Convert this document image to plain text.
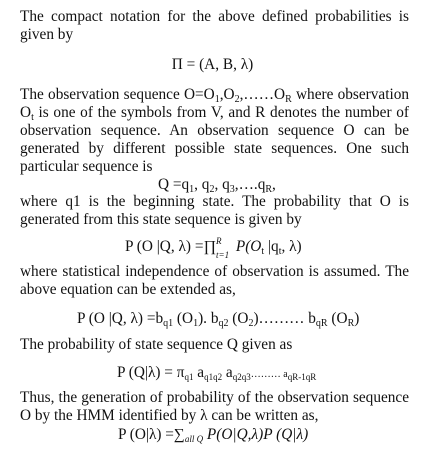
The compact notation for the above defined probabilities is
given by
Π = (A, B, λ)
The observation sequence $O=O_1,O_2,\dots\dots O_R$ where observation
$O_t$ is one of the symbols from V, and R denotes the number of
observation sequence. An observation sequence O can be
generated by different possible state sequences. One such
particular sequence is
$Q =q_1$, $q_2$, $q_3,\dots.q_R$,
where q1 is the beginning state. The probability that O is
generated from this state sequence is given by
P (O |Q, λ) =∏ R
t=1 $P(O_t$ $|q_t$, λ)
where statistical independence of observation is assumed. The
above equation can be extended as,
P (O |Q, $\lambda) =b_{q1}$ $(O_1)$. $b_{q2}$ $(O_2)\dots\dots\dots$ $b_{qR}$ $(O_R)$
The probability of state sequence Q given as
P $(Q|\lambda) = \pi_{q1}$ $a_{q1q2}$ $a_{q2q3}\dots\dots\dots$ $a_{qR-1qR}$
Thus, the generation of probability of the observation sequence
O by the HMM identified by λ can be written as,
P $(O|\lambda) =\sum_{all Q}$ P(O|Q,λ)P (Q|λ)
